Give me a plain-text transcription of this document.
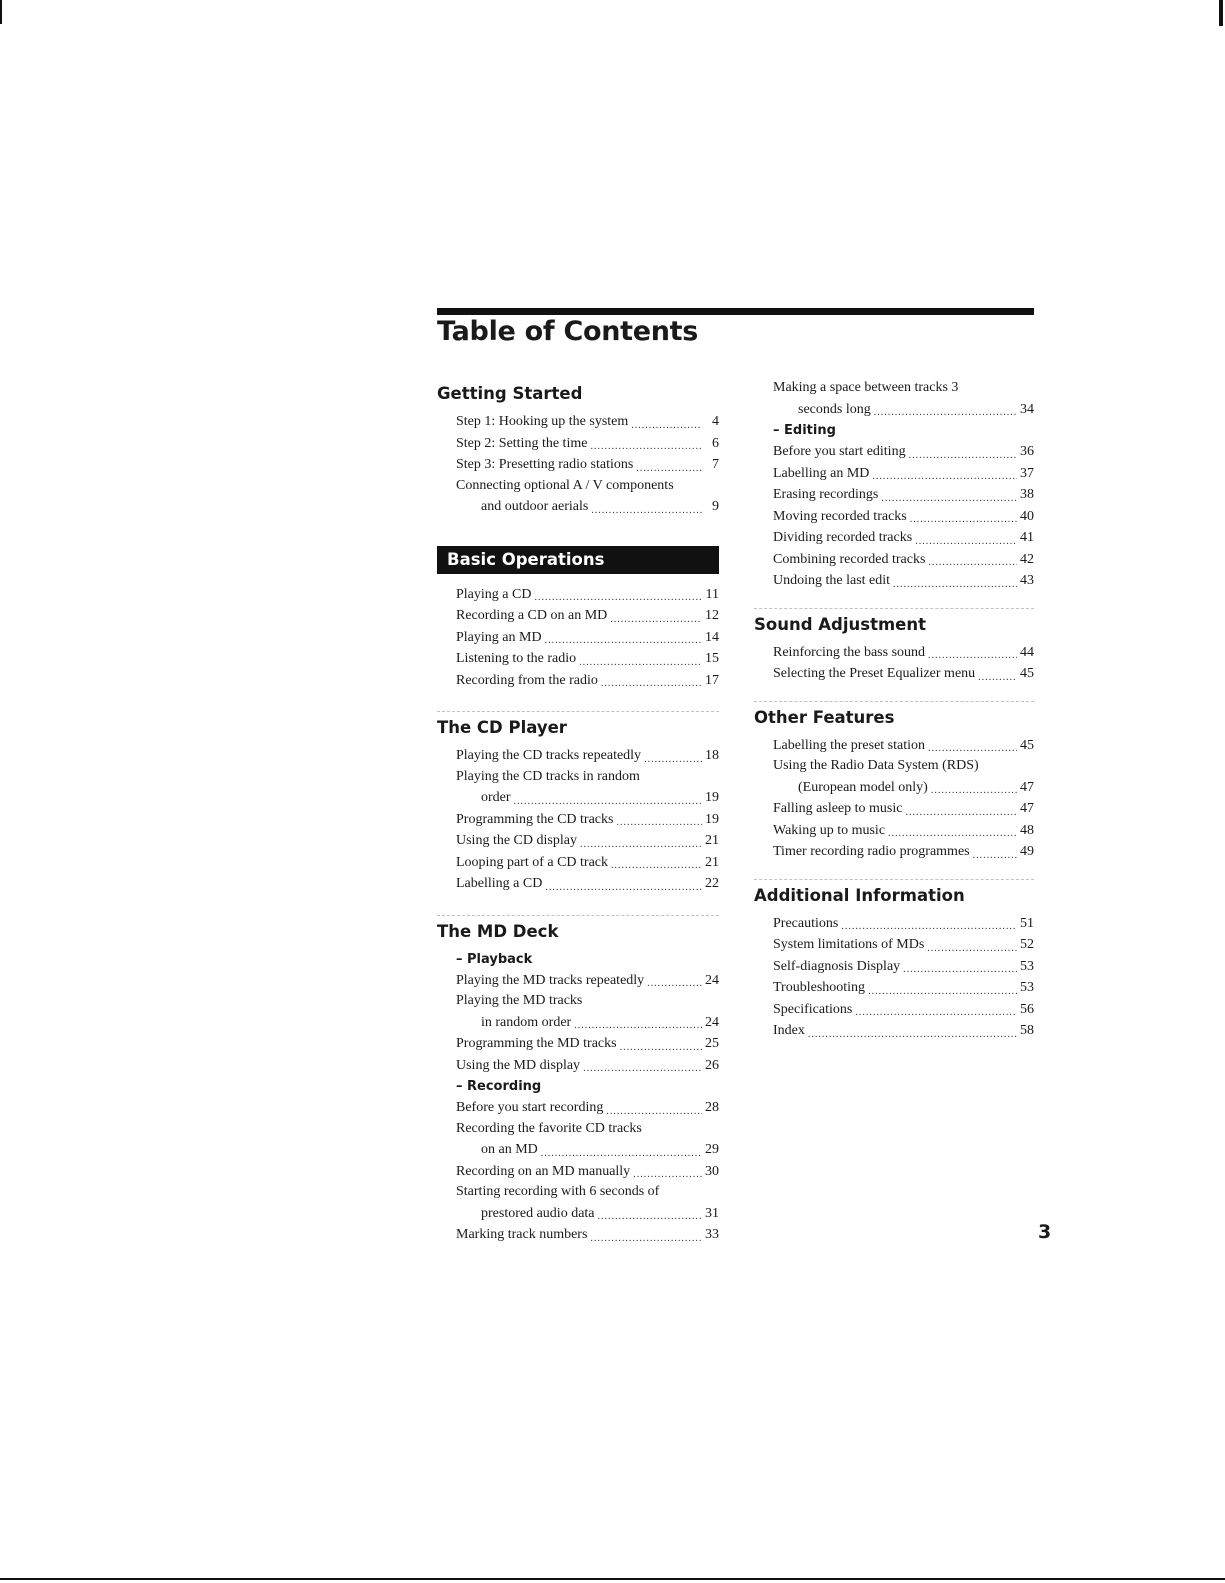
Table of Contents
Getting Started
Step 1: Hooking up the system .....	4
Step 2: Setting the time .....	6
Step 3: Presetting radio stations .....	7
Connecting optional A / V components
and outdoor aerials .....	9
Basic Operations
Playing a CD .....	11
Recording a CD on an MD .....	12
Playing an MD .....	14
Listening to the radio .....	15
Recording from the radio .....	17
The CD Player
Playing the CD tracks repeatedly .....	18
Playing the CD tracks in random
order .....	19
Programming the CD tracks .....	19
Using the CD display .....	21
Looping part of a CD track .....	21
Labelling a CD .....	22
The MD Deck
– Playback
Playing the MD tracks repeatedly .....	24
Playing the MD tracks
in random order .....	24
Programming the MD tracks .....	25
Using the MD display .....	26
– Recording
Before you start recording .....	28
Recording the favorite CD tracks
on an MD .....	29
Recording on an MD manually .....	30
Starting recording with 6 seconds of
prestored audio data .....	31
Marking track numbers .....	33
Making a space between tracks 3
seconds long .....	34
– Editing
Before you start editing .....	36
Labelling an MD .....	37
Erasing recordings .....	38
Moving recorded tracks .....	40
Dividing recorded tracks .....	41
Combining recorded tracks .....	42
Undoing the last edit .....	43
Sound Adjustment
Reinforcing the bass sound .....	44
Selecting the Preset Equalizer menu .....	45
Other Features
Labelling the preset station .....	45
Using the Radio Data System (RDS)
(European model only) .....	47
Falling asleep to music .....	47
Waking up to music .....	48
Timer recording radio programmes .....	49
Additional Information
Precautions .....	51
System limitations of MDs .....	52
Self-diagnosis Display .....	53
Troubleshooting .....	53
Specifications .....	56
Index .....	58
3
